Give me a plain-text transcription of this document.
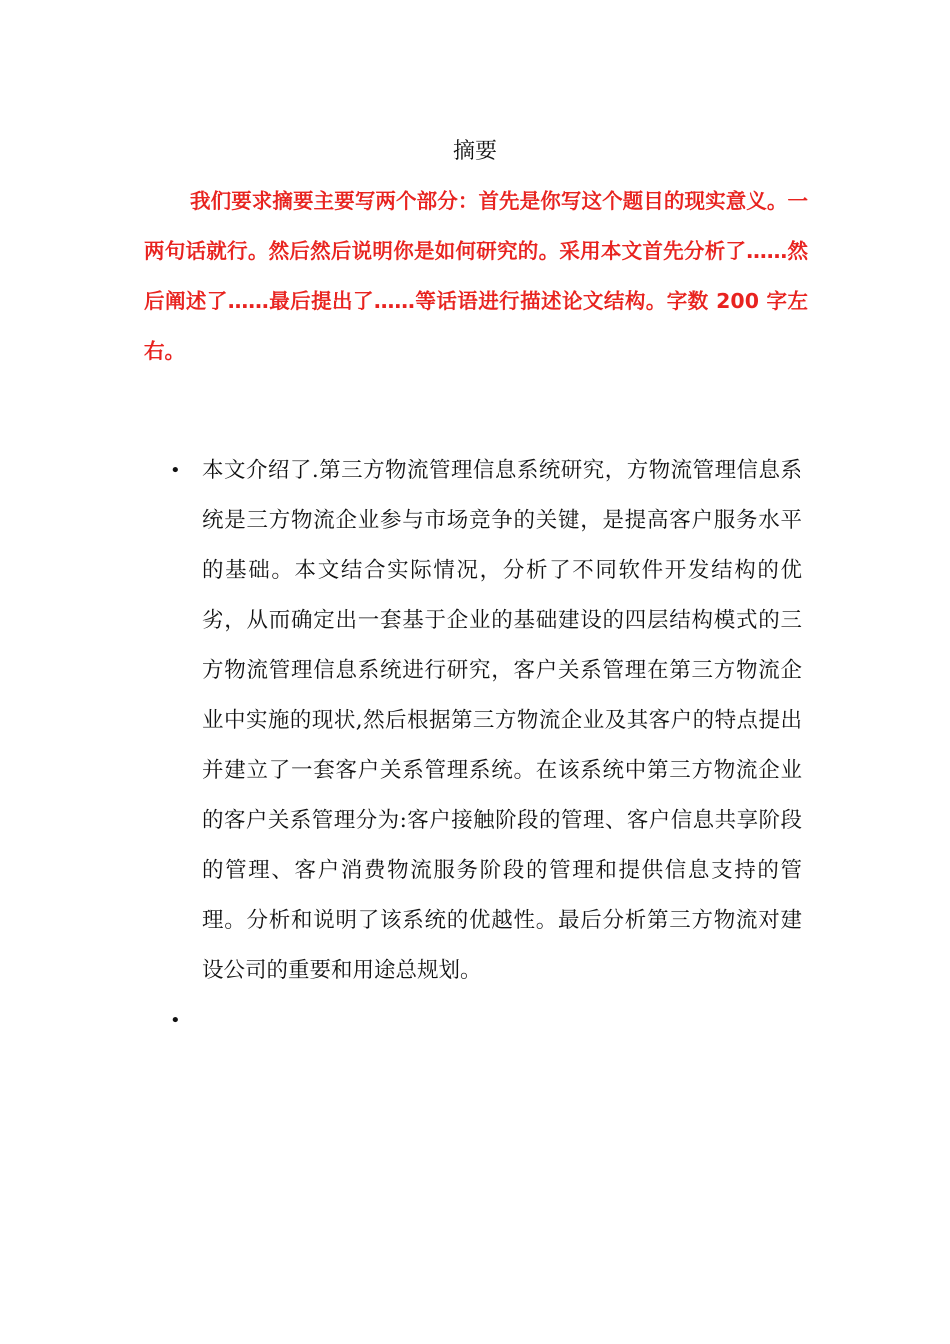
摘要
我们要求摘要主要写两个部分：首先是你写这个题目的现实意义。一两句话就行。然后然后说明你是如何研究的。采用本文首先分析了……然后阐述了……最后提出了……等话语进行描述论文结构。字数 200 字左右。
• 本文介绍了.第三方物流管理信息系统研究，方物流管理信息系统是三方物流企业参与市场竞争的关键，是提高客户服务水平的基础。本文结合实际情况，分析了不同软件开发结构的优劣，从而确定出一套基于企业的基础建设的四层结构模式的三方物流管理信息系统进行研究，客户关系管理在第三方物流企业中实施的现状,然后根据第三方物流企业及其客户的特点提出并建立了一套客户关系管理系统。在该系统中第三方物流企业的客户关系管理分为:客户接触阶段的管理、客户信息共享阶段的管理、客户消费物流服务阶段的管理和提供信息支持的管理。分析和说明了该系统的优越性。最后分析第三方物流对建设公司的重要和用途总规划。
•
